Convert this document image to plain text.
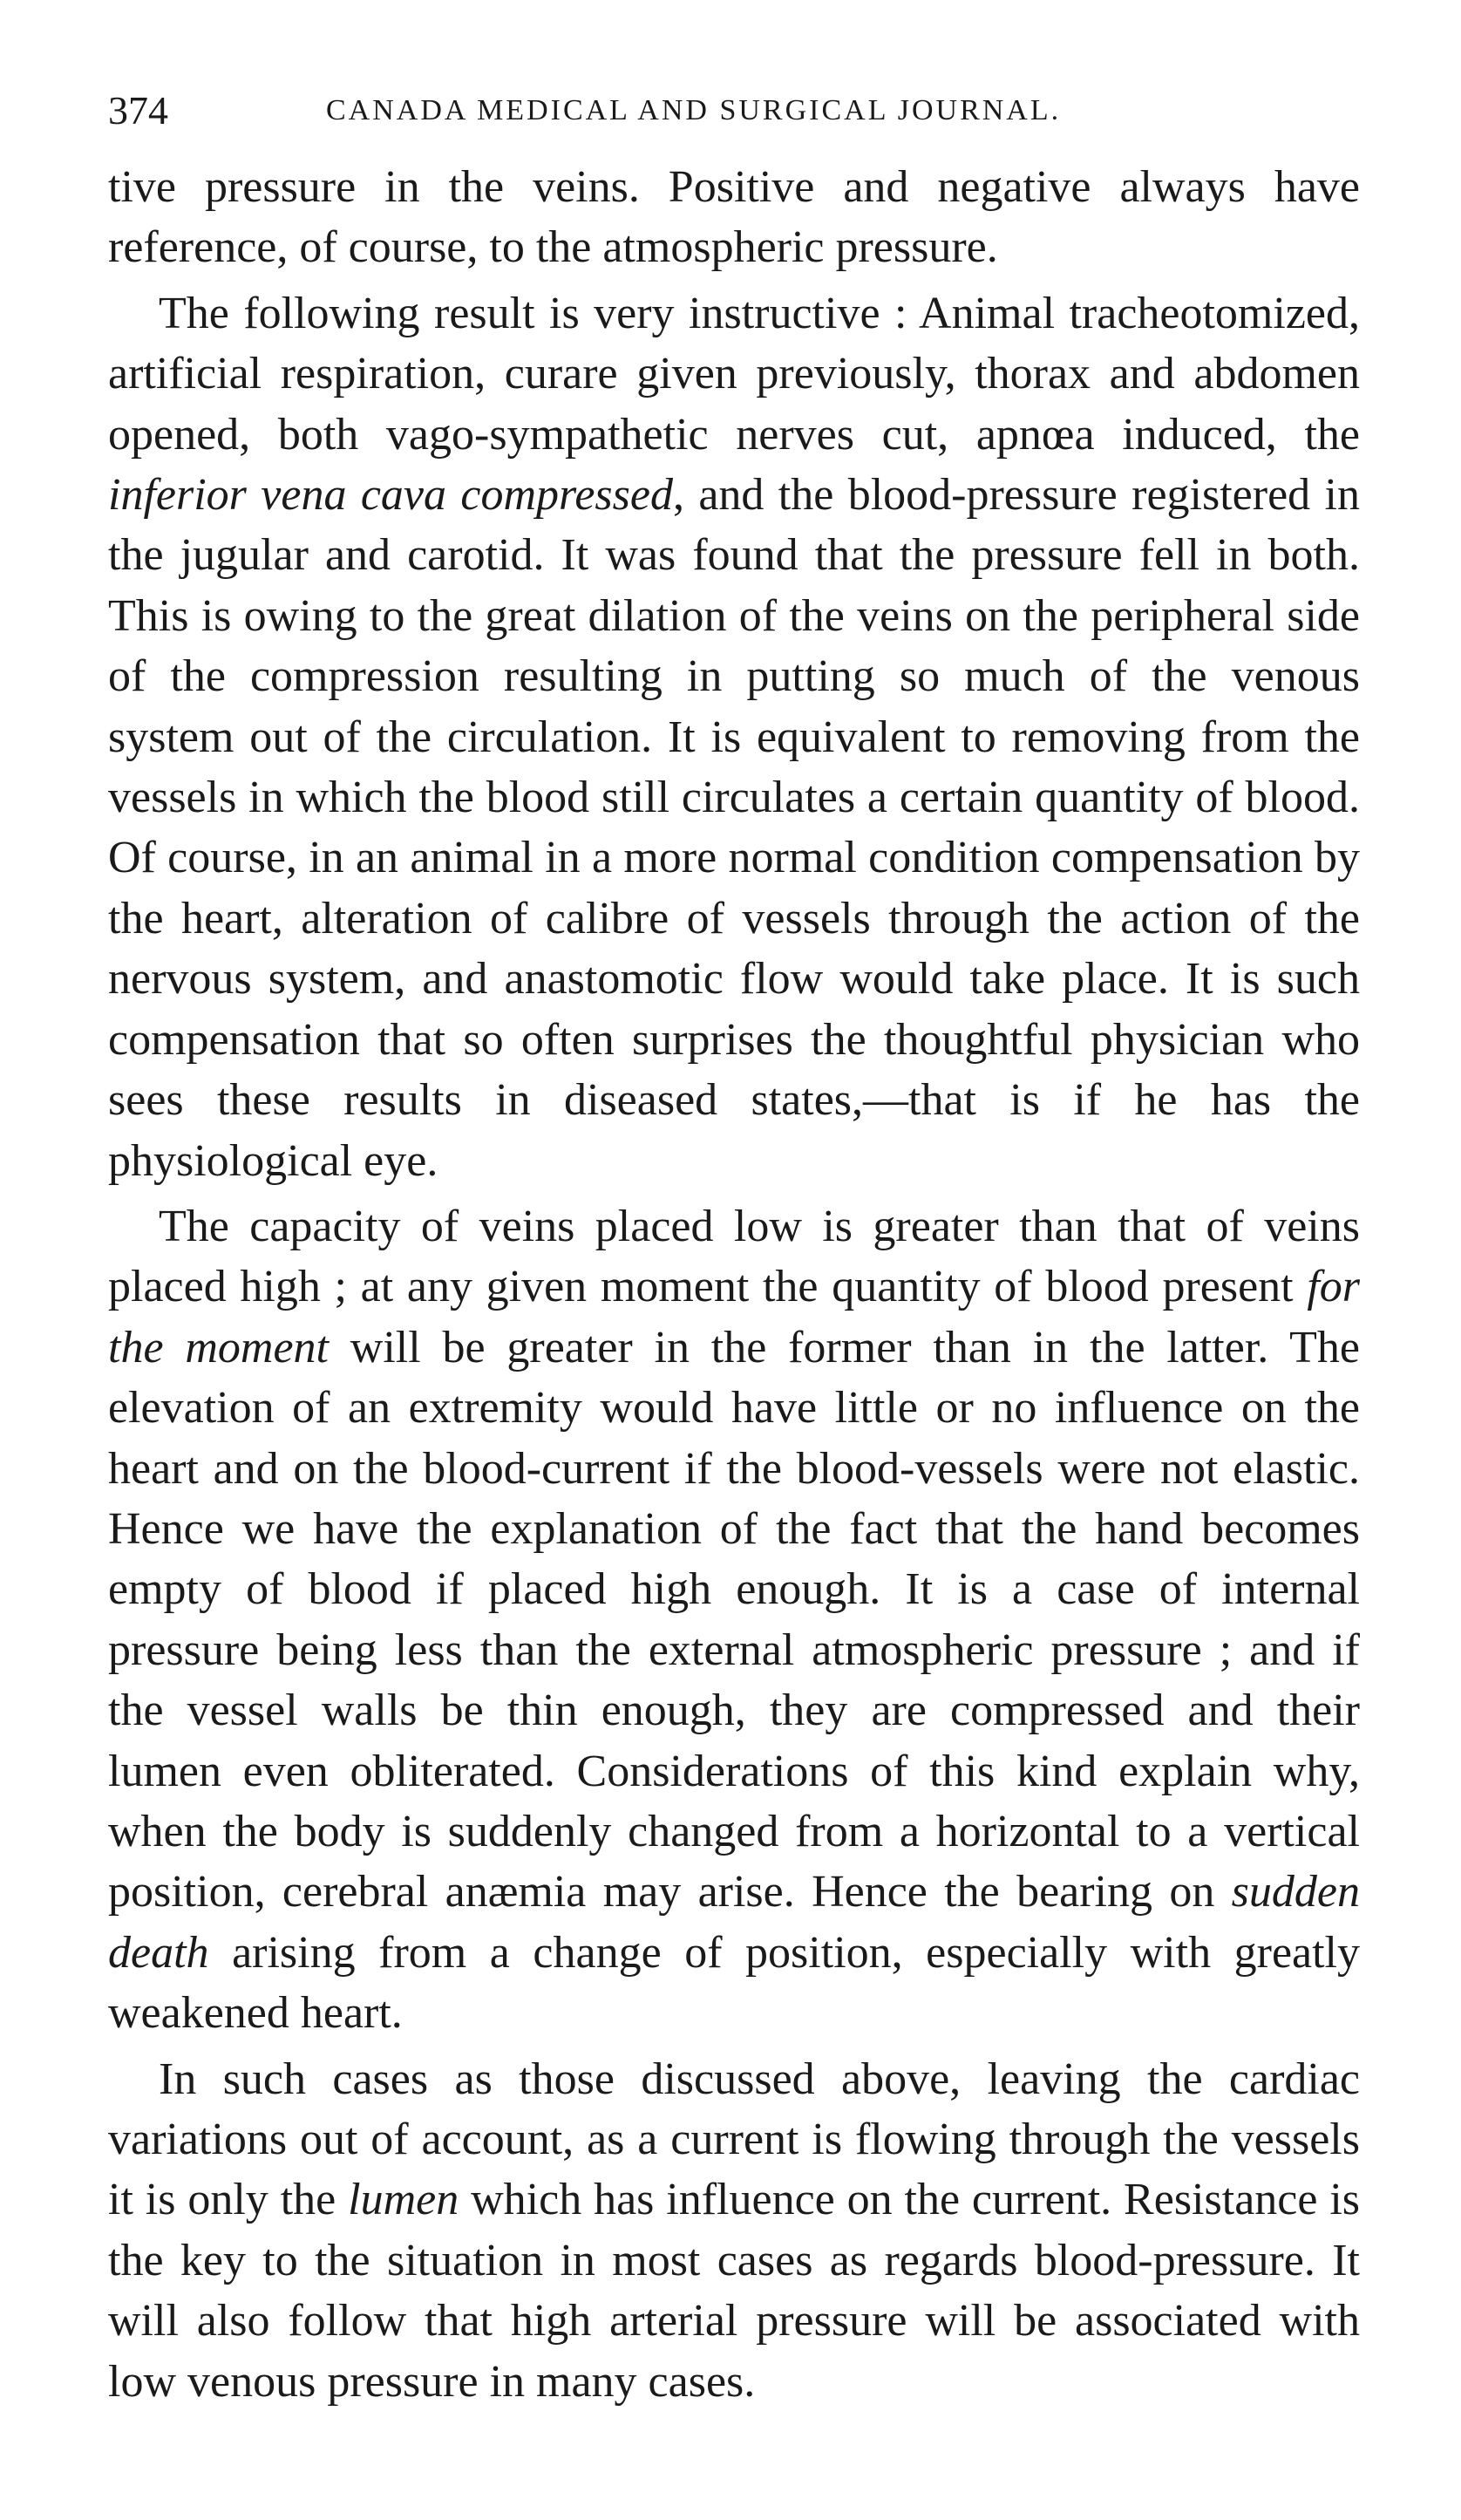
374	CANADA MEDICAL AND SURGICAL JOURNAL.

tive pressure in the veins. Positive and negative always have reference, of course, to the atmospheric pressure.

The following result is very instructive : Animal tracheotomized, artificial respiration, curare given previously, thorax and abdomen opened, both vago-sympathetic nerves cut, apnœa induced, the inferior vena cava compressed, and the blood-pressure registered in the jugular and carotid. It was found that the pressure fell in both. This is owing to the great dilation of the veins on the peripheral side of the compression resulting in putting so much of the venous system out of the circulation. It is equivalent to removing from the vessels in which the blood still circulates a certain quantity of blood. Of course, in an animal in a more normal condition compensation by the heart, alteration of calibre of vessels through the action of the nervous system, and anastomotic flow would take place. It is such compensation that so often surprises the thoughtful physician who sees these results in diseased states,—that is if he has the physiological eye.

The capacity of veins placed low is greater than that of veins placed high ; at any given moment the quantity of blood present for the moment will be greater in the former than in the latter. The elevation of an extremity would have little or no influence on the heart and on the blood-current if the blood-vessels were not elastic. Hence we have the explanation of the fact that the hand becomes empty of blood if placed high enough. It is a case of internal pressure being less than the external atmospheric pressure ; and if the vessel walls be thin enough, they are compressed and their lumen even obliterated. Considerations of this kind explain why, when the body is suddenly changed from a horizontal to a vertical position, cerebral anæmia may arise. Hence the bearing on sudden death arising from a change of position, especially with greatly weakened heart.

In such cases as those discussed above, leaving the cardiac variations out of account, as a current is flowing through the vessels it is only the lumen which has influence on the current. Resistance is the key to the situation in most cases as regards blood-pressure. It will also follow that high arterial pressure will be associated with low venous pressure in many cases.
